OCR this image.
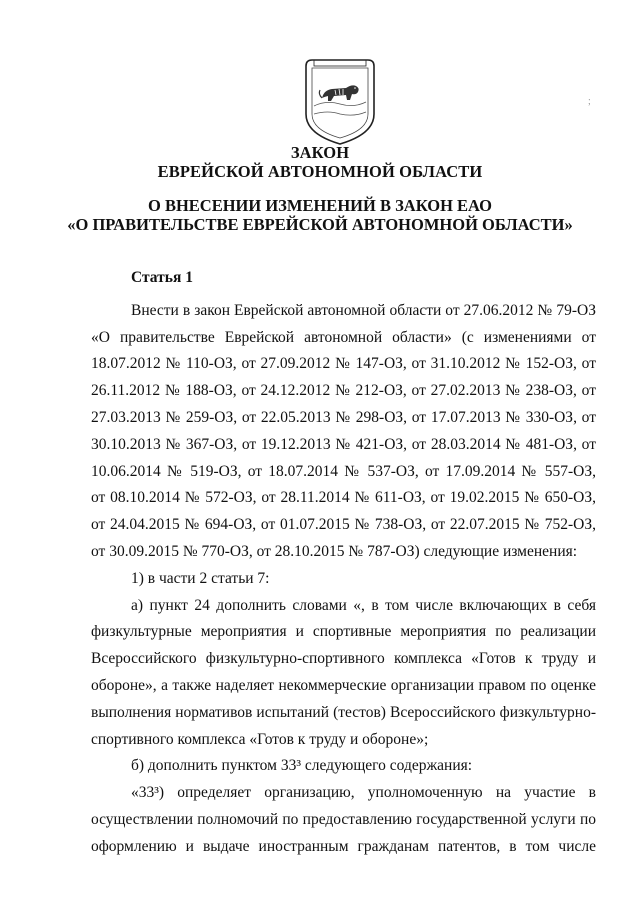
;
ЗАКОН
ЕВРЕЙСКОЙ АВТОНОМНОЙ ОБЛАСТИ
О ВНЕСЕНИИ ИЗМЕНЕНИЙ В ЗАКОН ЕАО
«О ПРАВИТЕЛЬСТВЕ ЕВРЕЙСКОЙ АВТОНОМНОЙ ОБЛАСТИ»
Статья 1
Внести в закон Еврейской автономной области от 27.06.2012 № 79-ОЗ
«О правительстве Еврейской автономной области» (с изменениями от
18.07.2012 № 110-ОЗ, от 27.09.2012 № 147-ОЗ, от 31.10.2012 № 152-ОЗ, от
26.11.2012 № 188-ОЗ, от 24.12.2012 № 212-ОЗ, от 27.02.2013 № 238-ОЗ, от
27.03.2013 № 259-ОЗ, от 22.05.2013 № 298-ОЗ, от 17.07.2013 № 330-ОЗ, от
30.10.2013 № 367-ОЗ, от 19.12.2013 № 421-ОЗ, от 28.03.2014 № 481-ОЗ, от
10.06.2014 № 519-ОЗ, от 18.07.2014 № 537-ОЗ, от 17.09.2014 № 557-ОЗ,
от 08.10.2014 № 572-ОЗ, от 28.11.2014 № 611-ОЗ, от 19.02.2015 № 650-ОЗ,
от 24.04.2015 № 694-ОЗ, от 01.07.2015 № 738-ОЗ, от 22.07.2015 № 752-ОЗ,
от 30.09.2015 № 770-ОЗ, от 28.10.2015 № 787-ОЗ) следующие изменения:
1) в части 2 статьи 7:
а) пункт 24 дополнить словами «, в том числе включающих в себя
физкультурные мероприятия и спортивные мероприятия по реализации
Всероссийского физкультурно-спортивного комплекса «Готов к труду и
обороне», а также наделяет некоммерческие организации правом по оценке
выполнения нормативов испытаний (тестов) Всероссийского физкультурно-
спортивного комплекса «Готов к труду и обороне»;
б) дополнить пунктом 33³ следующего содержания:
«33³) определяет организацию, уполномоченную на участие в
осуществлении полномочий по предоставлению государственной услуги по
оформлению и выдаче иностранным гражданам патентов, в том числе
